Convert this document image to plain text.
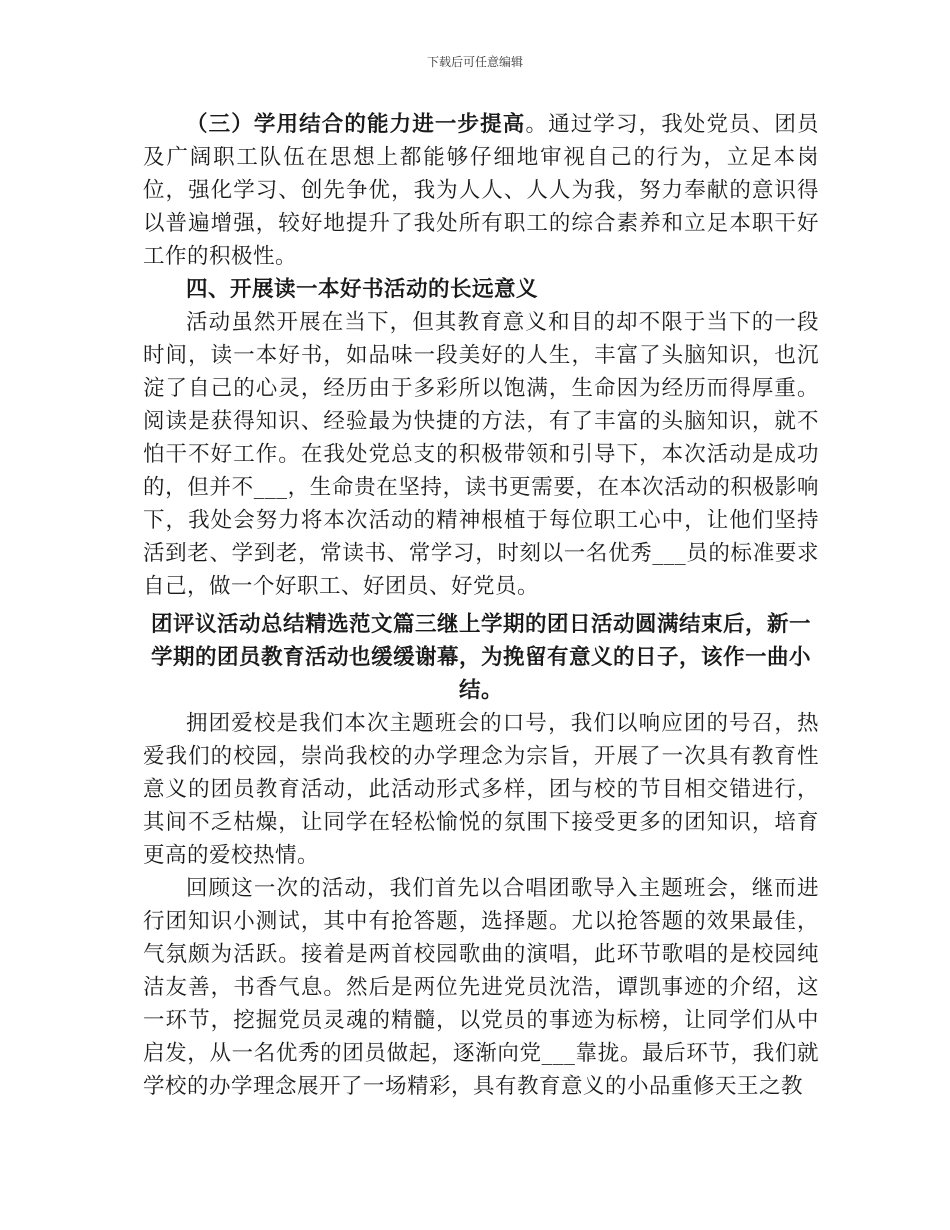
下载后可任意编辑

（三）学用结合的能力进一步提高。通过学习，我处党员、团员及广阔职工队伍在思想上都能够仔细地审视自己的行为，立足本岗位，强化学习、创先争优，我为人人、人人为我，努力奉献的意识得以普遍增强，较好地提升了我处所有职工的综合素养和立足本职干好工作的积极性。

四、开展读一本好书活动的长远意义

活动虽然开展在当下，但其教育意义和目的却不限于当下的一段时间，读一本好书，如品味一段美好的人生，丰富了头脑知识，也沉淀了自己的心灵，经历由于多彩所以饱满，生命因为经历而得厚重。阅读是获得知识、经验最为快捷的方法，有了丰富的头脑知识，就不怕干不好工作。在我处党总支的积极带领和引导下，本次活动是成功的，但并不___，生命贵在坚持，读书更需要，在本次活动的积极影响下，我处会努力将本次活动的精神根植于每位职工心中，让他们坚持活到老、学到老，常读书、常学习，时刻以一名优秀___员的标准要求自己，做一个好职工、好团员、好党员。

团评议活动总结精选范文篇三继上学期的团日活动圆满结束后，新一学期的团员教育活动也缓缓谢幕，为挽留有意义的日子，该作一曲小结。

拥团爱校是我们本次主题班会的口号，我们以响应团的号召，热爱我们的校园，崇尚我校的办学理念为宗旨，开展了一次具有教育性意义的团员教育活动，此活动形式多样，团与校的节目相交错进行，其间不乏枯燥，让同学在轻松愉悦的氛围下接受更多的团知识，培育更高的爱校热情。

回顾这一次的活动，我们首先以合唱团歌导入主题班会，继而进行团知识小测试，其中有抢答题，选择题。尤以抢答题的效果最佳，气氛颇为活跃。接着是两首校园歌曲的演唱，此环节歌唱的是校园纯洁友善，书香气息。然后是两位先进党员沈浩，谭凯事迹的介绍，这一环节，挖掘党员灵魂的精髓，以党员的事迹为标榜，让同学们从中启发，从一名优秀的团员做起，逐渐向党___靠拢。最后环节，我们就学校的办学理念展开了一场精彩，具有教育意义的小品重修天王之教
